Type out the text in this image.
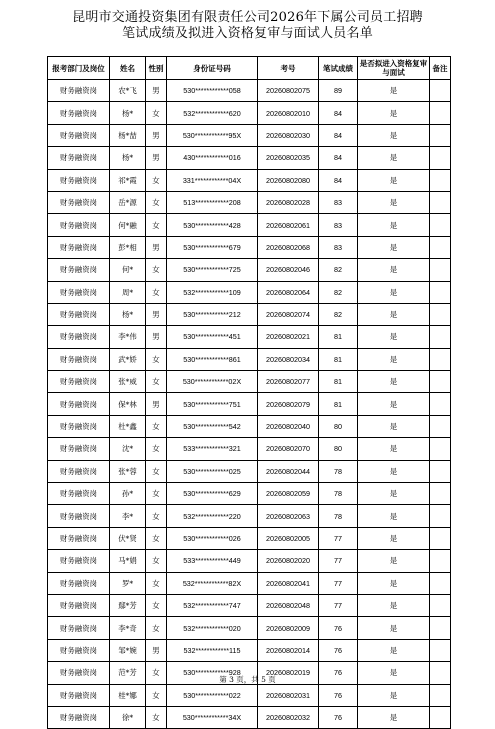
昆明市交通投资集团有限责任公司2026年下属公司员工招聘
笔试成绩及拟进入资格复审与面试人员名单
报考部门及岗位	姓名	性别	身份证号码	考号	笔试成绩	是否拟进入资格复审与面试	备注
财务融资岗	农*飞	男	530************058	20260802075	89	是	
财务融资岗	杨*	女	532************620	20260802010	84	是	
财务融资岗	杨*喆	男	530************95X	20260802030	84	是	
财务融资岗	杨*	男	430************016	20260802035	84	是	
财务融资岗	祁*霞	女	331************04X	20260802080	84	是	
财务融资岗	岳*源	女	513************208	20260802028	83	是	
财务融资岗	何*融	女	530************428	20260802061	83	是	
财务融资岗	彭*相	男	530************679	20260802068	83	是	
财务融资岗	何*	女	530************725	20260802046	82	是	
财务融资岗	周*	女	532************109	20260802064	82	是	
财务融资岗	杨*	男	530************212	20260802074	82	是	
财务融资岗	李*伟	男	530************451	20260802021	81	是	
财务融资岗	武*娇	女	530************861	20260802034	81	是	
财务融资岗	张*威	女	530************02X	20260802077	81	是	
财务融资岗	保*林	男	530************751	20260802079	81	是	
财务融资岗	杜*鑫	女	530************542	20260802040	80	是	
财务融资岗	沈*	女	533************321	20260802070	80	是	
财务融资岗	张*蓉	女	530************025	20260802044	78	是	
财务融资岗	孙*	女	530************629	20260802059	78	是	
财务融资岗	李*	女	532************220	20260802063	78	是	
财务融资岗	伏*贤	女	530************026	20260802005	77	是	
财务融资岗	马*娟	女	533************449	20260802020	77	是	
财务融资岗	罗*	女	532************82X	20260802041	77	是	
财务融资岗	鄢*芳	女	532************747	20260802048	77	是	
财务融资岗	李*奇	女	532************020	20260802009	76	是	
财务融资岗	邹*婉	男	532************115	20260802014	76	是	
财务融资岗	范*芳	女	530************928	20260802019	76	是	
财务融资岗	桂*娜	女	530************022	20260802031	76	是	
财务融资岗	徐*	女	530************34X	20260802032	76	是	
第 3 页，共 5 页
